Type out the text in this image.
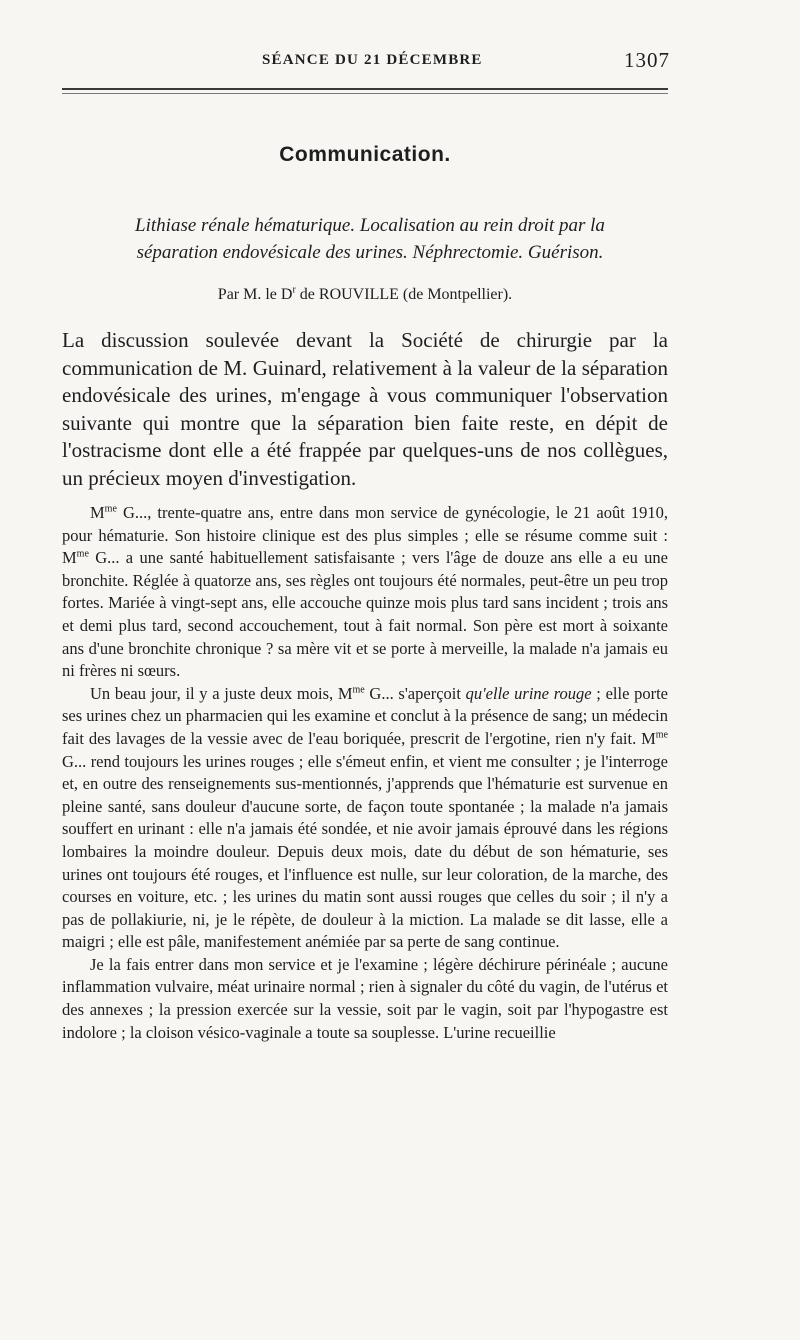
SÉANCE DU 21 DÉCEMBRE	1307
Communication.
Lithiase rénale hématurique. Localisation au rein droit par la
séparation endovésicale des urines. Néphrectomie. Guérison.
Par M. le $D^r$ de ROUVILLE (de Montpellier).
La discussion soulevée devant la Société de chirurgie par la communication de M. Guinard, relativement à la valeur de la séparation endovésicale des urines, m'engage à vous communiquer l'observation suivante qui montre que la séparation bien faite reste, en dépit de l'ostracisme dont elle a été frappée par quelques-uns de nos collègues, un précieux moyen d'investigation.

$M^{me}$ G..., trente-quatre ans, entre dans mon service de gynécologie, le 21 août 1910, pour hématurie. Son histoire clinique est des plus simples ; elle se résume comme suit : $M^{me}$ G... a une santé habituellement satisfaisante ; vers l'âge de douze ans elle a eu une bronchite. Réglée à quatorze ans, ses règles ont toujours été normales, peut-être un peu trop fortes. Mariée à vingt-sept ans, elle accouche quinze mois plus tard sans incident ; trois ans et demi plus tard, second accouchement, tout à fait normal. Son père est mort à soixante ans d'une bronchite chronique ? sa mère vit et se porte à merveille, la malade n'a jamais eu ni frères ni sœurs.

Un beau jour, il y a juste deux mois, $M^{me}$ G... s'aperçoit qu'elle urine rouge ; elle porte ses urines chez un pharmacien qui les examine et conclut à la présence de sang; un médecin fait des lavages de la vessie avec de l'eau boriquée, prescrit de l'ergotine, rien n'y fait. $M^{me}$ G... rend toujours les urines rouges ; elle s'émeut enfin, et vient me consulter ; je l'interroge et, en outre des renseignements sus-mentionnés, j'apprends que l'hématurie est survenue en pleine santé, sans douleur d'aucune sorte, de façon toute spontanée ; la malade n'a jamais souffert en urinant : elle n'a jamais été sondée, et nie avoir jamais éprouvé dans les régions lombaires la moindre douleur. Depuis deux mois, date du début de son hématurie, ses urines ont toujours été rouges, et l'influence est nulle, sur leur coloration, de la marche, des courses en voiture, etc. ; les urines du matin sont aussi rouges que celles du soir ; il n'y a pas de pollakiurie, ni, je le répète, de douleur à la miction. La malade se dit lasse, elle a maigri ; elle est pâle, manifestement anémiée par sa perte de sang continue.

Je la fais entrer dans mon service et je l'examine ; légère déchirure périnéale ; aucune inflammation vulvaire, méat urinaire normal ; rien à signaler du côté du vagin, de l'utérus et des annexes ; la pression exercée sur la vessie, soit par le vagin, soit par l'hypogastre est indolore ; la cloison vésico-vaginale a toute sa souplesse. L'urine recueillie
